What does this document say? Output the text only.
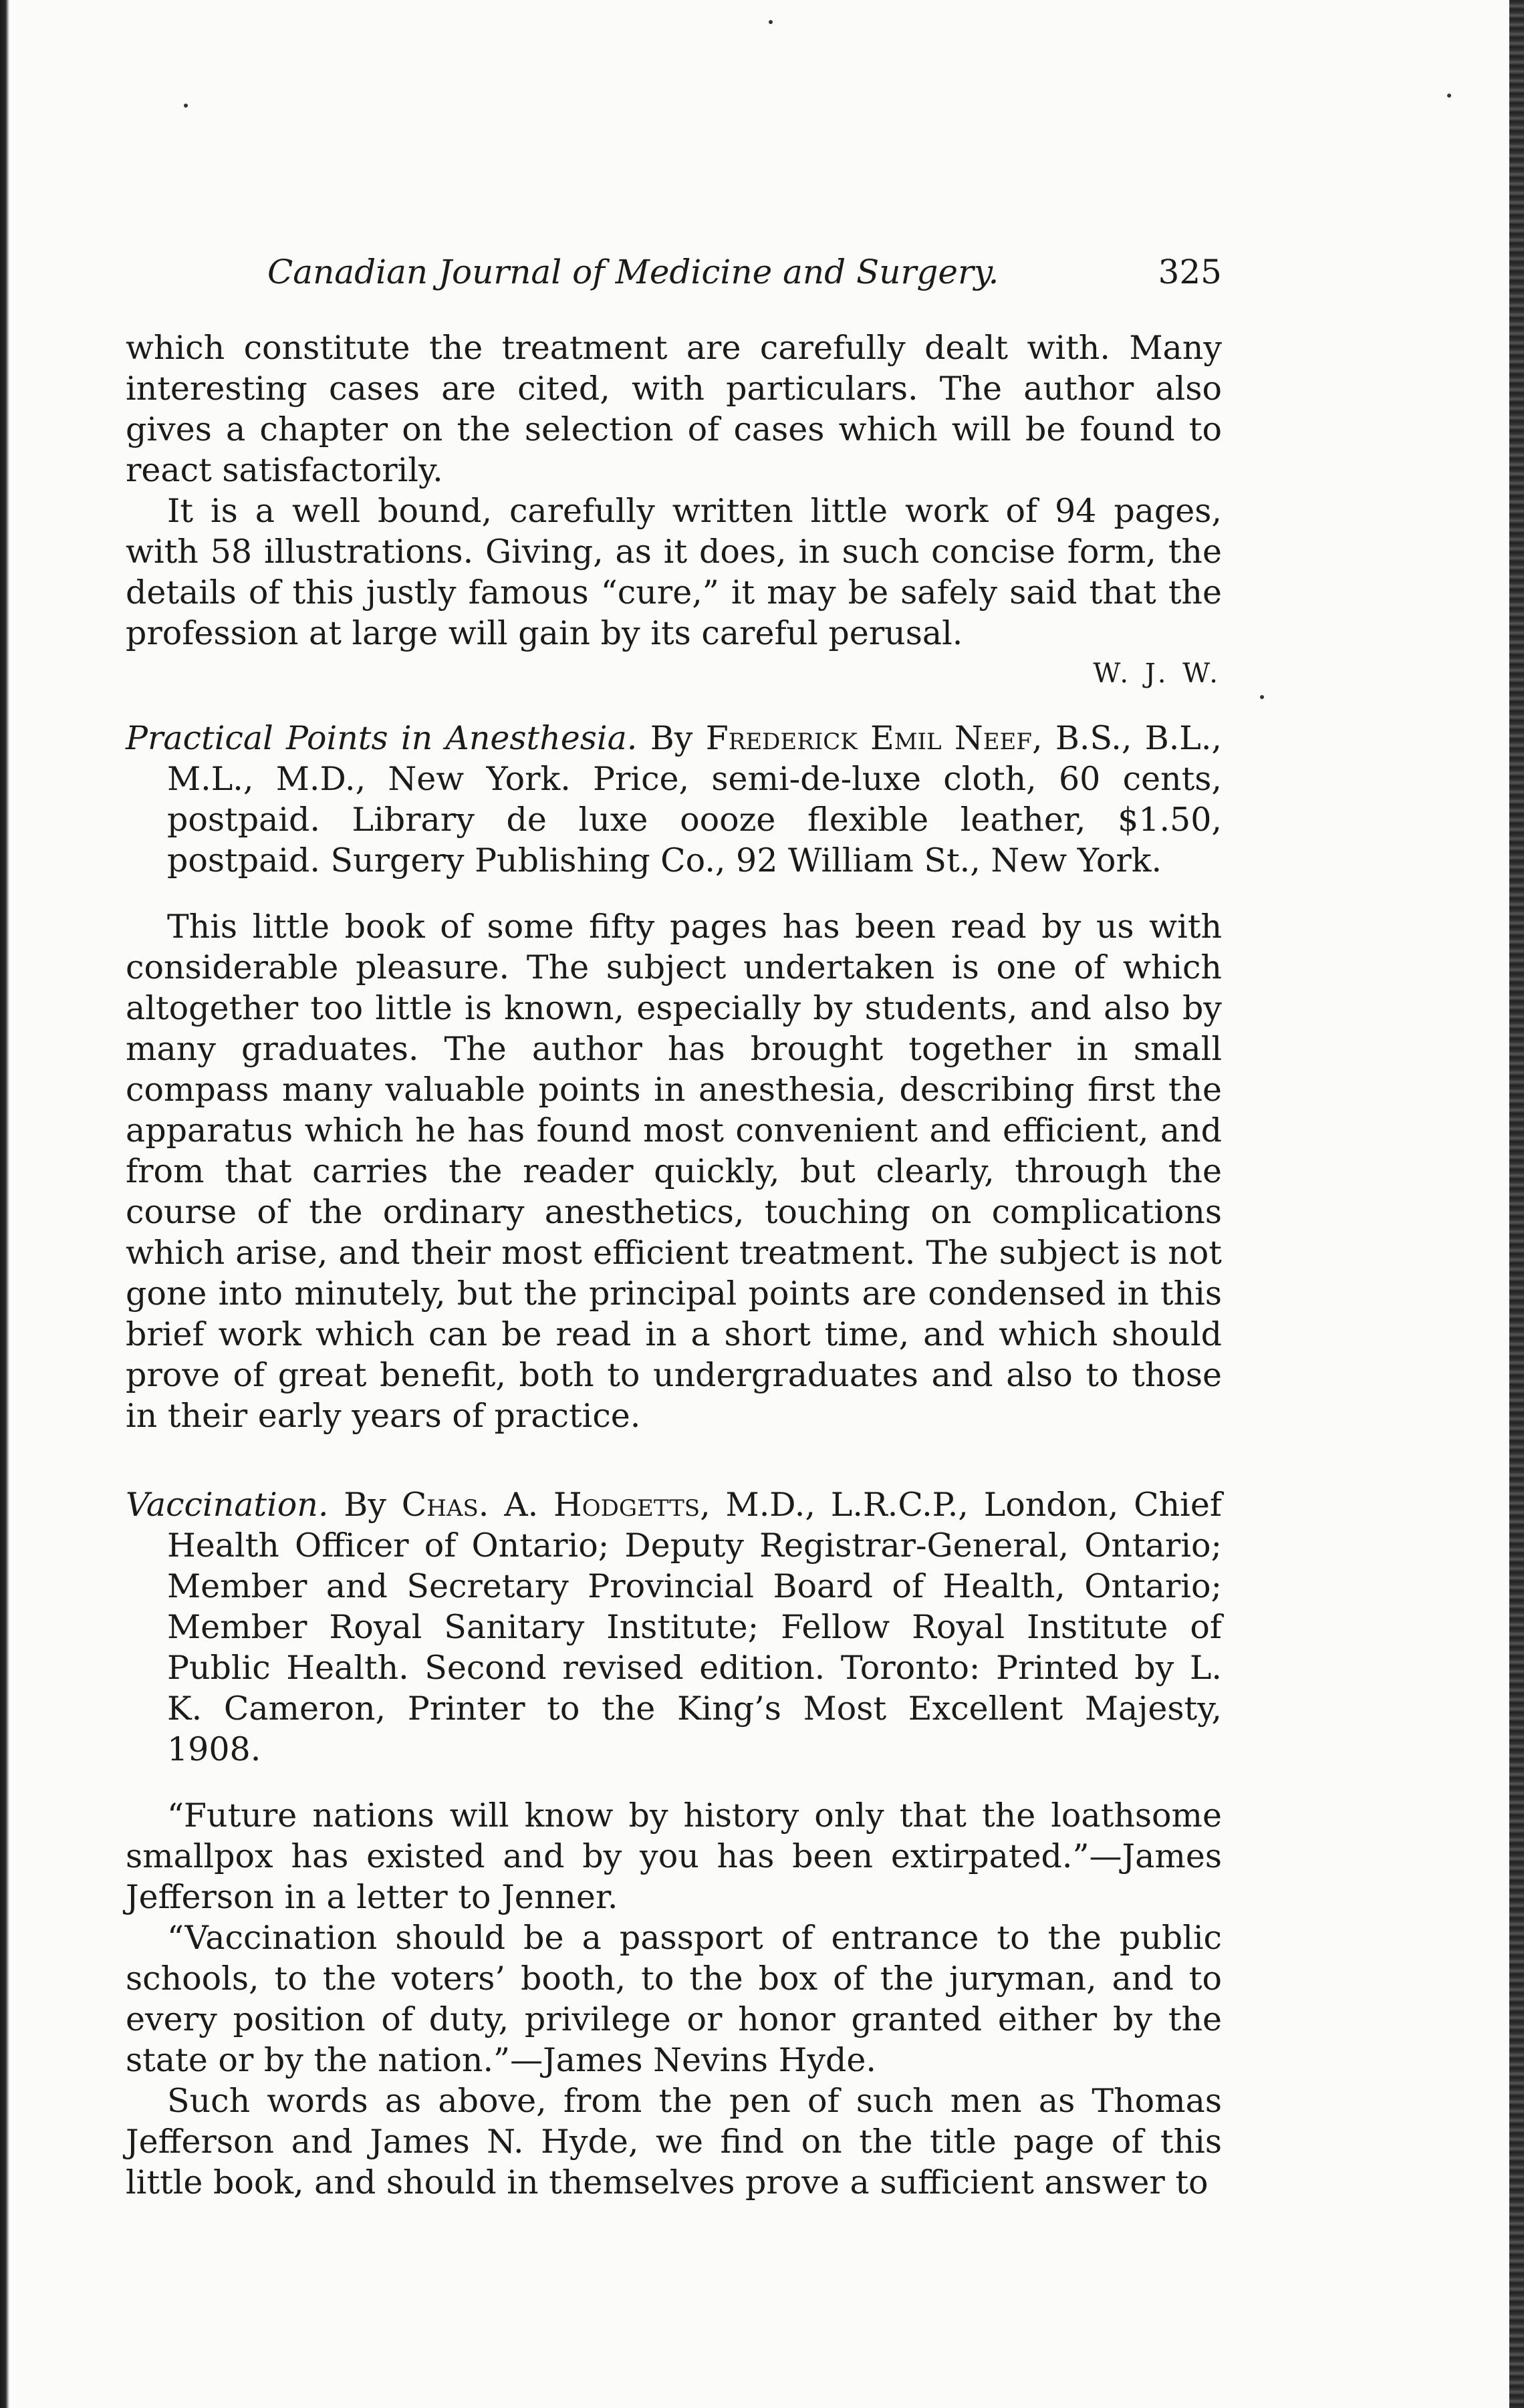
Canadian Journal of Medicine and Surgery.	325

which constitute the treatment are carefully dealt with. Many interesting cases are cited, with particulars. The author also gives a chapter on the selection of cases which will be found to react satisfactorily.

It is a well bound, carefully written little work of 94 pages, with 58 illustrations. Giving, as it does, in such concise form, the details of this justly famous “cure,” it may be safely said that the profession at large will gain by its careful perusal.

W. J. W.

Practical Points in Anesthesia. By Frederick Emil Neef, B.S., B.L., M.L., M.D., New York. Price, semi-de-luxe cloth, 60 cents, postpaid. Library de luxe oooze flexible leather, $1.50, postpaid. Surgery Publishing Co., 92 William St., New York.

This little book of some fifty pages has been read by us with considerable pleasure. The subject undertaken is one of which altogether too little is known, especially by students, and also by many graduates. The author has brought together in small compass many valuable points in anesthesia, describing first the apparatus which he has found most convenient and efficient, and from that carries the reader quickly, but clearly, through the course of the ordinary anesthetics, touching on complications which arise, and their most efficient treatment. The subject is not gone into minutely, but the principal points are condensed in this brief work which can be read in a short time, and which should prove of great benefit, both to undergraduates and also to those in their early years of practice.

Vaccination. By Chas. A. Hodgetts, M.D., L.R.C.P., London, Chief Health Officer of Ontario; Deputy Registrar-General, Ontario; Member and Secretary Provincial Board of Health, Ontario; Member Royal Sanitary Institute; Fellow Royal Institute of Public Health. Second revised edition. Toronto: Printed by L. K. Cameron, Printer to the King’s Most Excellent Majesty, 1908.

“Future nations will know by history only that the loathsome smallpox has existed and by you has been extirpated.”—James Jefferson in a letter to Jenner.

“Vaccination should be a passport of entrance to the public schools, to the voters’ booth, to the box of the juryman, and to every position of duty, privilege or honor granted either by the state or by the nation.”—James Nevins Hyde.

Such words as above, from the pen of such men as Thomas Jefferson and James N. Hyde, we find on the title page of this little book, and should in themselves prove a sufficient answer to
